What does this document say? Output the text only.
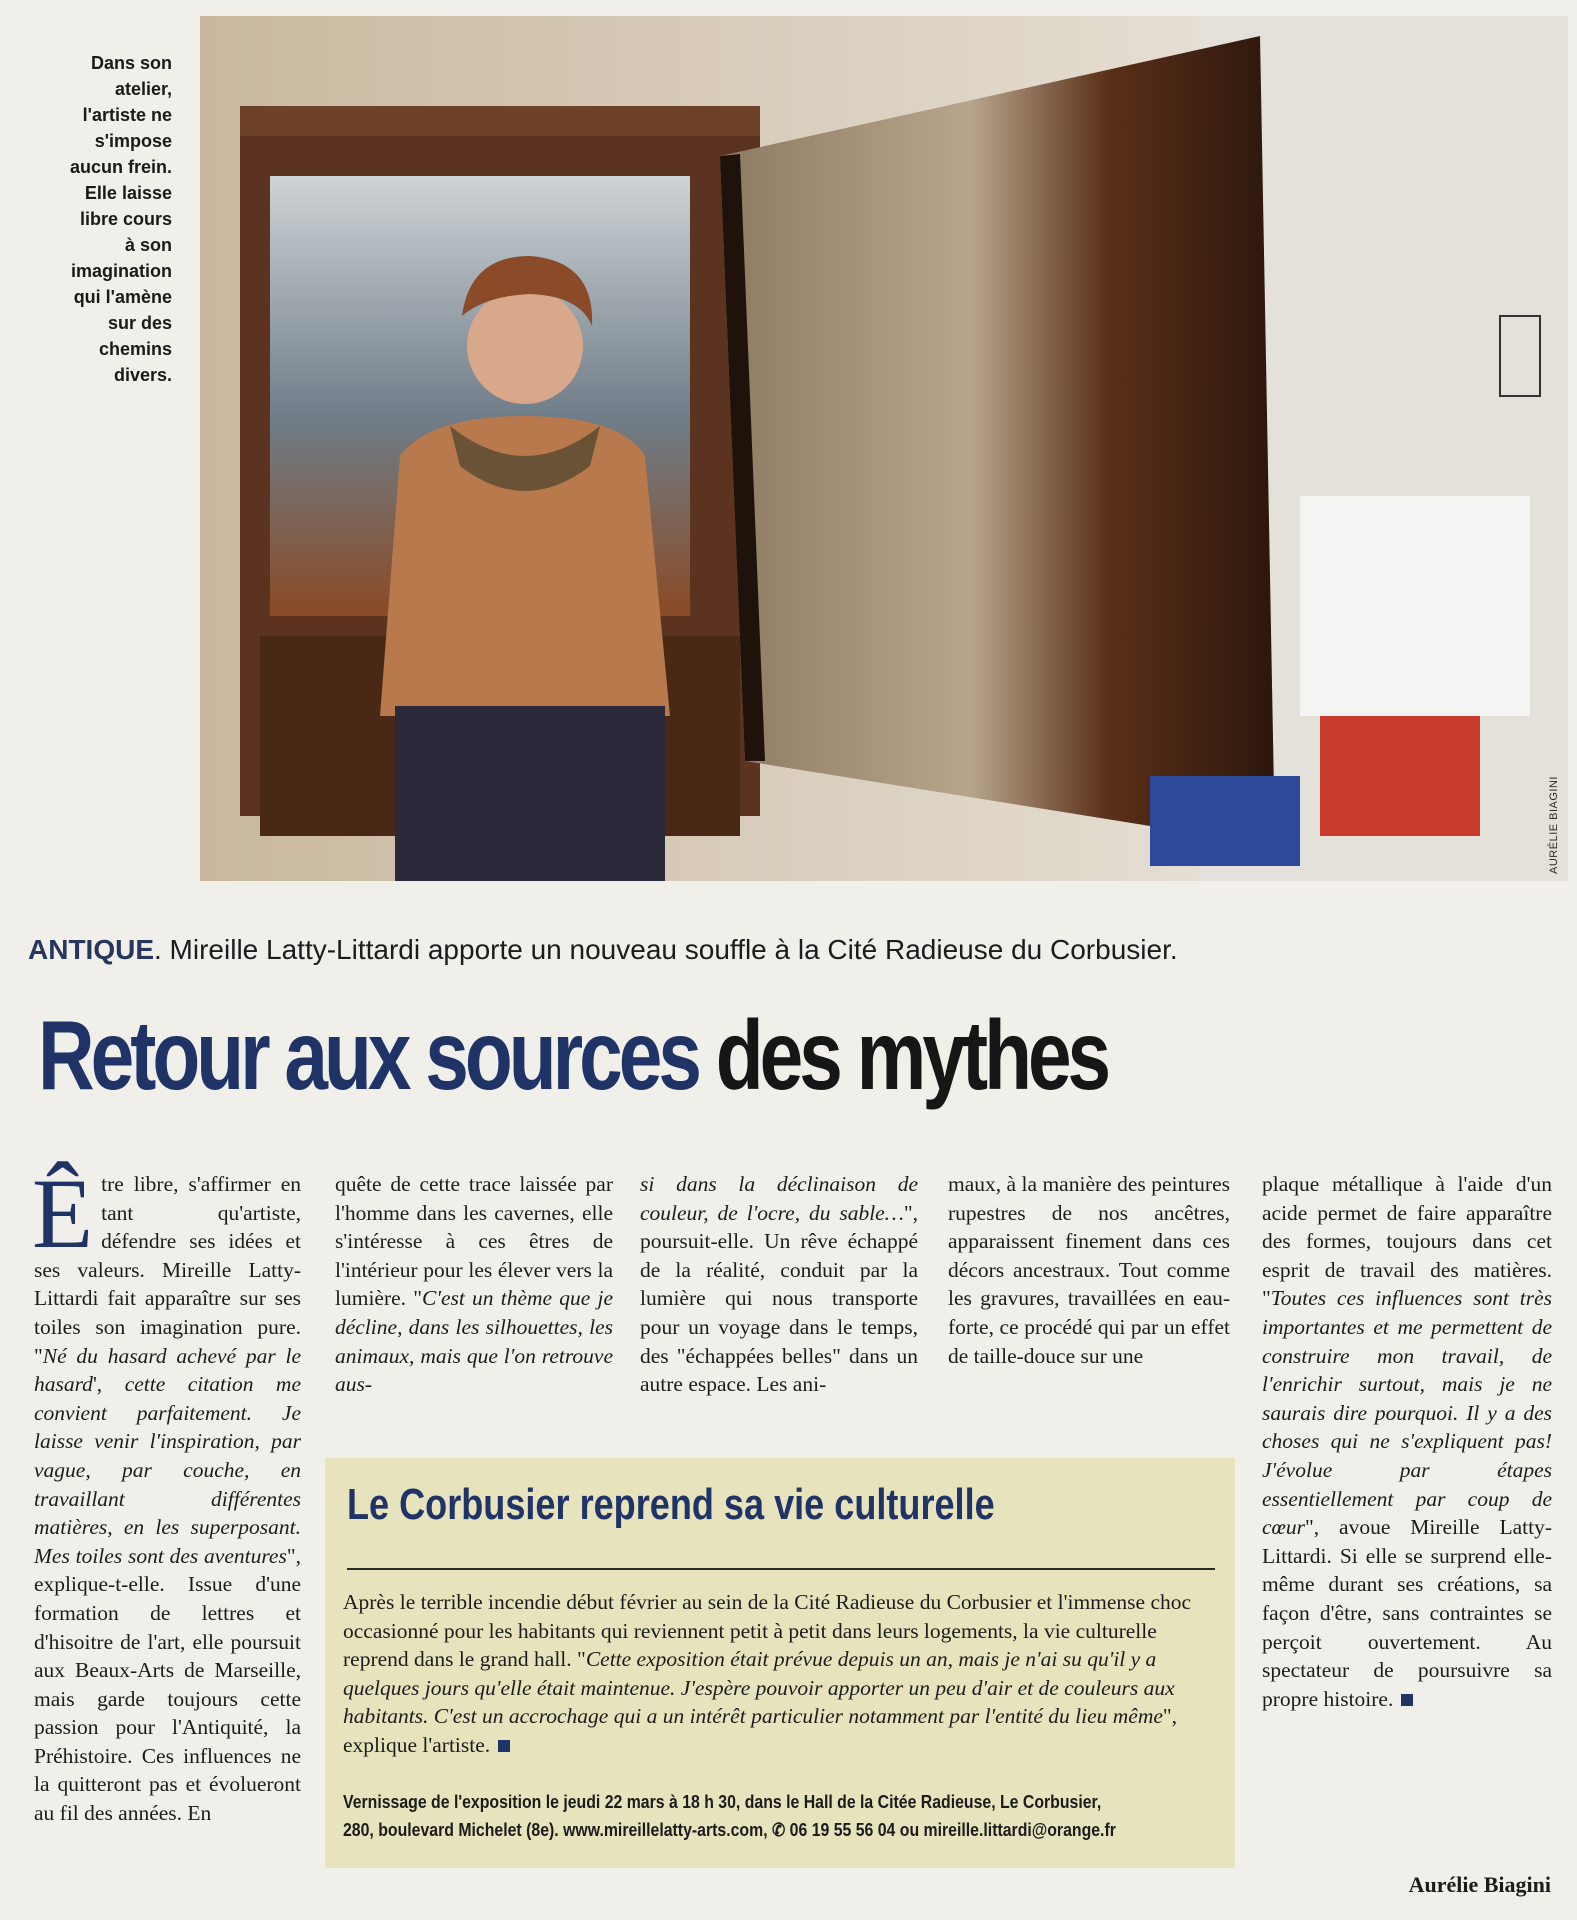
Dans son
atelier,
l'artiste ne
s'impose
aucun frein.
Elle laisse
libre cours
à son
imagination
qui l'amène
sur des
chemins
divers.
AURÉLIE BIAGINI
ANTIQUE. Mireille Latty-Littardi apporte un nouveau souffle à la Cité Radieuse du Corbusier.
Retour aux sources des mythes

Être libre, s'affirmer en tant qu'artiste, défendre ses idées et ses valeurs. Mireille Latty-Littardi fait apparaître sur ses toiles son imagination pure. "Né du hasard achevé par le hasard', cette citation me convient parfaitement. Je laisse venir l'inspiration, par vague, par couche, en travaillant différentes matières, en les superposant. Mes toiles sont des aventures", explique-t-elle. Issue d'une formation de lettres et d'hisoitre de l'art, elle poursuit aux Beaux-Arts de Marseille, mais garde toujours cette passion pour l'Antiquité, la Préhistoire. Ces influences ne la quitteront pas et évolueront au fil des années. En

quête de cette trace laissée par l'homme dans les cavernes, elle s'intéresse à ces êtres de l'intérieur pour les élever vers la lumière. "C'est un thème que je décline, dans les silhouettes, les animaux, mais que l'on retrouve aus-

si dans la déclinaison de couleur, de l'ocre, du sable…", poursuit-elle. Un rêve échappé de la réalité, conduit par la lumière qui nous transporte pour un voyage dans le temps, des "échappées belles" dans un autre espace. Les ani-

maux, à la manière des peintures rupestres de nos ancêtres, apparaissent finement dans ces décors ancestraux. Tout comme les gravures, travaillées en eau-forte, ce procédé qui par un effet de taille-douce sur une

plaque métallique à l'aide d'un acide permet de faire apparaître des formes, toujours dans cet esprit de travail des matières. "Toutes ces influences sont très importantes et me permettent de construire mon travail, de l'enrichir surtout, mais je ne saurais dire pourquoi. Il y a des choses qui ne s'expliquent pas! J'évolue par étapes essentiellement par coup de cœur", avoue Mireille Latty-Littardi. Si elle se surprend elle-même durant ses créations, sa façon d'être, sans contraintes se perçoit ouvertement. Au spectateur de poursuivre sa propre histoire.

Le Corbusier reprend sa vie culturelle
Après le terrible incendie début février au sein de la Cité Radieuse du Corbusier et l'immense choc occasionné pour les habitants qui reviennent petit à petit dans leurs logements, la vie culturelle reprend dans le grand hall. "Cette exposition était prévue depuis un an, mais je n'ai su qu'il y a quelques jours qu'elle était maintenue. J'espère pouvoir apporter un peu d'air et de couleurs aux habitants. C'est un accrochage qui a un intérêt particulier notamment par l'entité du lieu même", explique l'artiste.
Vernissage de l'exposition le jeudi 22 mars à 18 h 30, dans le Hall de la Citée Radieuse, Le Corbusier,
280, boulevard Michelet (8e). www.mireillelatty-arts.com, ✆ 06 19 55 56 04 ou mireille.littardi@orange.fr
Aurélie Biagini
